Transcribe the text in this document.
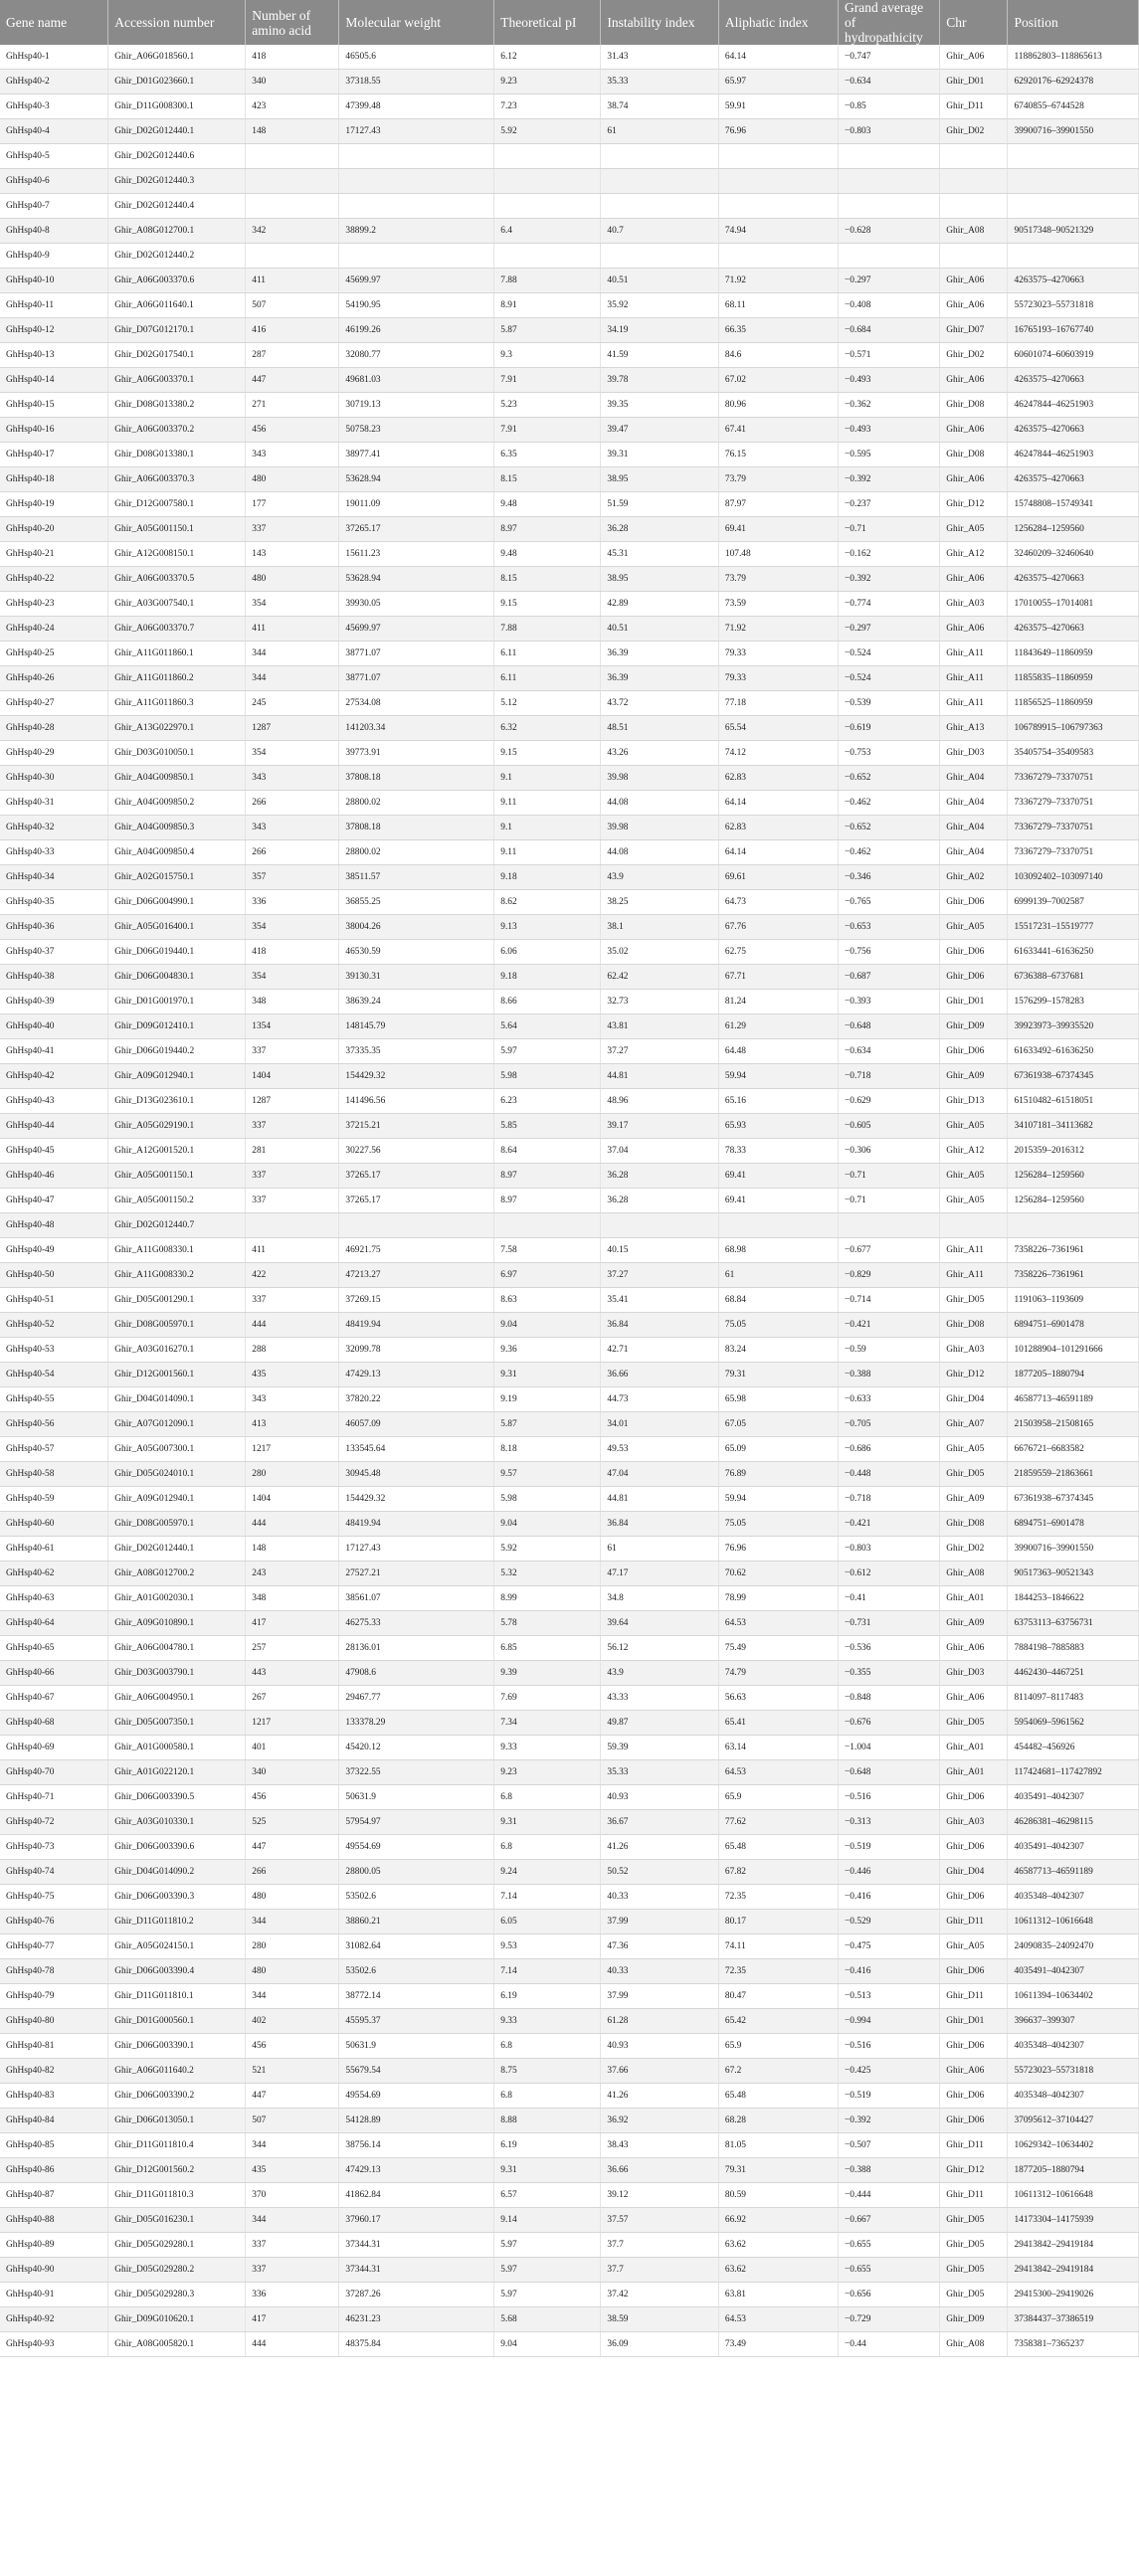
Gene name	Accession number	Number of amino acid	Molecular weight	Theoretical pI	Instability index	Aliphatic index	Grand average of hydropathicity	Chr	Position
GhHsp40-1	Ghir_A06G018560.1	418	46505.6	6.12	31.43	64.14	−0.747	Ghir_A06	118862803–118865613
GhHsp40-2	Ghir_D01G023660.1	340	37318.55	9.23	35.33	65.97	−0.634	Ghir_D01	62920176–62924378
GhHsp40-3	Ghir_D11G008300.1	423	47399.48	7.23	38.74	59.91	−0.85	Ghir_D11	6740855–6744528
GhHsp40-4	Ghir_D02G012440.1	148	17127.43	5.92	61	76.96	−0.803	Ghir_D02	39900716–39901550
GhHsp40-5	Ghir_D02G012440.6								
GhHsp40-6	Ghir_D02G012440.3								
GhHsp40-7	Ghir_D02G012440.4								
GhHsp40-8	Ghir_A08G012700.1	342	38899.2	6.4	40.7	74.94	−0.628	Ghir_A08	90517348–90521329
GhHsp40-9	Ghir_D02G012440.2								
GhHsp40-10	Ghir_A06G003370.6	411	45699.97	7.88	40.51	71.92	−0.297	Ghir_A06	4263575–4270663
GhHsp40-11	Ghir_A06G011640.1	507	54190.95	8.91	35.92	68.11	−0.408	Ghir_A06	55723023–55731818
GhHsp40-12	Ghir_D07G012170.1	416	46199.26	5.87	34.19	66.35	−0.684	Ghir_D07	16765193–16767740
GhHsp40-13	Ghir_D02G017540.1	287	32080.77	9.3	41.59	84.6	−0.571	Ghir_D02	60601074–60603919
GhHsp40-14	Ghir_A06G003370.1	447	49681.03	7.91	39.78	67.02	−0.493	Ghir_A06	4263575–4270663
GhHsp40-15	Ghir_D08G013380.2	271	30719.13	5.23	39.35	80.96	−0.362	Ghir_D08	46247844–46251903
GhHsp40-16	Ghir_A06G003370.2	456	50758.23	7.91	39.47	67.41	−0.493	Ghir_A06	4263575–4270663
GhHsp40-17	Ghir_D08G013380.1	343	38977.41	6.35	39.31	76.15	−0.595	Ghir_D08	46247844–46251903
GhHsp40-18	Ghir_A06G003370.3	480	53628.94	8.15	38.95	73.79	−0.392	Ghir_A06	4263575–4270663
GhHsp40-19	Ghir_D12G007580.1	177	19011.09	9.48	51.59	87.97	−0.237	Ghir_D12	15748808–15749341
GhHsp40-20	Ghir_A05G001150.1	337	37265.17	8.97	36.28	69.41	−0.71	Ghir_A05	1256284–1259560
GhHsp40-21	Ghir_A12G008150.1	143	15611.23	9.48	45.31	107.48	−0.162	Ghir_A12	32460209–32460640
GhHsp40-22	Ghir_A06G003370.5	480	53628.94	8.15	38.95	73.79	−0.392	Ghir_A06	4263575–4270663
GhHsp40-23	Ghir_A03G007540.1	354	39930.05	9.15	42.89	73.59	−0.774	Ghir_A03	17010055–17014081
GhHsp40-24	Ghir_A06G003370.7	411	45699.97	7.88	40.51	71.92	−0.297	Ghir_A06	4263575–4270663
GhHsp40-25	Ghir_A11G011860.1	344	38771.07	6.11	36.39	79.33	−0.524	Ghir_A11	11843649–11860959
GhHsp40-26	Ghir_A11G011860.2	344	38771.07	6.11	36.39	79.33	−0.524	Ghir_A11	11855835–11860959
GhHsp40-27	Ghir_A11G011860.3	245	27534.08	5.12	43.72	77.18	−0.539	Ghir_A11	11856525–11860959
GhHsp40-28	Ghir_A13G022970.1	1287	141203.34	6.32	48.51	65.54	−0.619	Ghir_A13	106789915–106797363
GhHsp40-29	Ghir_D03G010050.1	354	39773.91	9.15	43.26	74.12	−0.753	Ghir_D03	35405754–35409583
GhHsp40-30	Ghir_A04G009850.1	343	37808.18	9.1	39.98	62.83	−0.652	Ghir_A04	73367279–73370751
GhHsp40-31	Ghir_A04G009850.2	266	28800.02	9.11	44.08	64.14	−0.462	Ghir_A04	73367279–73370751
GhHsp40-32	Ghir_A04G009850.3	343	37808.18	9.1	39.98	62.83	−0.652	Ghir_A04	73367279–73370751
GhHsp40-33	Ghir_A04G009850.4	266	28800.02	9.11	44.08	64.14	−0.462	Ghir_A04	73367279–73370751
GhHsp40-34	Ghir_A02G015750.1	357	38511.57	9.18	43.9	69.61	−0.346	Ghir_A02	103092402–103097140
GhHsp40-35	Ghir_D06G004990.1	336	36855.25	8.62	38.25	64.73	−0.765	Ghir_D06	6999139–7002587
GhHsp40-36	Ghir_A05G016400.1	354	38004.26	9.13	38.1	67.76	−0.653	Ghir_A05	15517231–15519777
GhHsp40-37	Ghir_D06G019440.1	418	46530.59	6.06	35.02	62.75	−0.756	Ghir_D06	61633441–61636250
GhHsp40-38	Ghir_D06G004830.1	354	39130.31	9.18	62.42	67.71	−0.687	Ghir_D06	6736388–6737681
GhHsp40-39	Ghir_D01G001970.1	348	38639.24	8.66	32.73	81.24	−0.393	Ghir_D01	1576299–1578283
GhHsp40-40	Ghir_D09G012410.1	1354	148145.79	5.64	43.81	61.29	−0.648	Ghir_D09	39923973–39935520
GhHsp40-41	Ghir_D06G019440.2	337	37335.35	5.97	37.27	64.48	−0.634	Ghir_D06	61633492–61636250
GhHsp40-42	Ghir_A09G012940.1	1404	154429.32	5.98	44.81	59.94	−0.718	Ghir_A09	67361938–67374345
GhHsp40-43	Ghir_D13G023610.1	1287	141496.56	6.23	48.96	65.16	−0.629	Ghir_D13	61510482–61518051
GhHsp40-44	Ghir_A05G029190.1	337	37215.21	5.85	39.17	65.93	−0.605	Ghir_A05	34107181–34113682
GhHsp40-45	Ghir_A12G001520.1	281	30227.56	8.64	37.04	78.33	−0.306	Ghir_A12	2015359–2016312
GhHsp40-46	Ghir_A05G001150.1	337	37265.17	8.97	36.28	69.41	−0.71	Ghir_A05	1256284–1259560
GhHsp40-47	Ghir_A05G001150.2	337	37265.17	8.97	36.28	69.41	−0.71	Ghir_A05	1256284–1259560
GhHsp40-48	Ghir_D02G012440.7								
GhHsp40-49	Ghir_A11G008330.1	411	46921.75	7.58	40.15	68.98	−0.677	Ghir_A11	7358226–7361961
GhHsp40-50	Ghir_A11G008330.2	422	47213.27	6.97	37.27	61	−0.829	Ghir_A11	7358226–7361961
GhHsp40-51	Ghir_D05G001290.1	337	37269.15	8.63	35.41	68.84	−0.714	Ghir_D05	1191063–1193609
GhHsp40-52	Ghir_D08G005970.1	444	48419.94	9.04	36.84	75.05	−0.421	Ghir_D08	6894751–6901478
GhHsp40-53	Ghir_A03G016270.1	288	32099.78	9.36	42.71	83.24	−0.59	Ghir_A03	101288904–101291666
GhHsp40-54	Ghir_D12G001560.1	435	47429.13	9.31	36.66	79.31	−0.388	Ghir_D12	1877205–1880794
GhHsp40-55	Ghir_D04G014090.1	343	37820.22	9.19	44.73	65.98	−0.633	Ghir_D04	46587713–46591189
GhHsp40-56	Ghir_A07G012090.1	413	46057.09	5.87	34.01	67.05	−0.705	Ghir_A07	21503958–21508165
GhHsp40-57	Ghir_A05G007300.1	1217	133545.64	8.18	49.53	65.09	−0.686	Ghir_A05	6676721–6683582
GhHsp40-58	Ghir_D05G024010.1	280	30945.48	9.57	47.04	76.89	−0.448	Ghir_D05	21859559–21863661
GhHsp40-59	Ghir_A09G012940.1	1404	154429.32	5.98	44.81	59.94	−0.718	Ghir_A09	67361938–67374345
GhHsp40-60	Ghir_D08G005970.1	444	48419.94	9.04	36.84	75.05	−0.421	Ghir_D08	6894751–6901478
GhHsp40-61	Ghir_D02G012440.1	148	17127.43	5.92	61	76.96	−0.803	Ghir_D02	39900716–39901550
GhHsp40-62	Ghir_A08G012700.2	243	27527.21	5.32	47.17	70.62	−0.612	Ghir_A08	90517363–90521343
GhHsp40-63	Ghir_A01G002030.1	348	38561.07	8.99	34.8	78.99	−0.41	Ghir_A01	1844253–1846622
GhHsp40-64	Ghir_A09G010890.1	417	46275.33	5.78	39.64	64.53	−0.731	Ghir_A09	63753113–63756731
GhHsp40-65	Ghir_A06G004780.1	257	28136.01	6.85	56.12	75.49	−0.536	Ghir_A06	7884198–7885883
GhHsp40-66	Ghir_D03G003790.1	443	47908.6	9.39	43.9	74.79	−0.355	Ghir_D03	4462430–4467251
GhHsp40-67	Ghir_A06G004950.1	267	29467.77	7.69	43.33	56.63	−0.848	Ghir_A06	8114097–8117483
GhHsp40-68	Ghir_D05G007350.1	1217	133378.29	7.34	49.87	65.41	−0.676	Ghir_D05	5954069–5961562
GhHsp40-69	Ghir_A01G000580.1	401	45420.12	9.33	59.39	63.14	−1.004	Ghir_A01	454482–456926
GhHsp40-70	Ghir_A01G022120.1	340	37322.55	9.23	35.33	64.53	−0.648	Ghir_A01	117424681–117427892
GhHsp40-71	Ghir_D06G003390.5	456	50631.9	6.8	40.93	65.9	−0.516	Ghir_D06	4035491–4042307
GhHsp40-72	Ghir_A03G010330.1	525	57954.97	9.31	36.67	77.62	−0.313	Ghir_A03	46286381–46298115
GhHsp40-73	Ghir_D06G003390.6	447	49554.69	6.8	41.26	65.48	−0.519	Ghir_D06	4035491–4042307
GhHsp40-74	Ghir_D04G014090.2	266	28800.05	9.24	50.52	67.82	−0.446	Ghir_D04	46587713–46591189
GhHsp40-75	Ghir_D06G003390.3	480	53502.6	7.14	40.33	72.35	−0.416	Ghir_D06	4035348–4042307
GhHsp40-76	Ghir_D11G011810.2	344	38860.21	6.05	37.99	80.17	−0.529	Ghir_D11	10611312–10616648
GhHsp40-77	Ghir_A05G024150.1	280	31082.64	9.53	47.36	74.11	−0.475	Ghir_A05	24090835–24092470
GhHsp40-78	Ghir_D06G003390.4	480	53502.6	7.14	40.33	72.35	−0.416	Ghir_D06	4035491–4042307
GhHsp40-79	Ghir_D11G011810.1	344	38772.14	6.19	37.99	80.47	−0.513	Ghir_D11	10611394–10634402
GhHsp40-80	Ghir_D01G000560.1	402	45595.37	9.33	61.28	65.42	−0.994	Ghir_D01	396637–399307
GhHsp40-81	Ghir_D06G003390.1	456	50631.9	6.8	40.93	65.9	−0.516	Ghir_D06	4035348–4042307
GhHsp40-82	Ghir_A06G011640.2	521	55679.54	8.75	37.66	67.2	−0.425	Ghir_A06	55723023–55731818
GhHsp40-83	Ghir_D06G003390.2	447	49554.69	6.8	41.26	65.48	−0.519	Ghir_D06	4035348–4042307
GhHsp40-84	Ghir_D06G013050.1	507	54128.89	8.88	36.92	68.28	−0.392	Ghir_D06	37095612–37104427
GhHsp40-85	Ghir_D11G011810.4	344	38756.14	6.19	38.43	81.05	−0.507	Ghir_D11	10629342–10634402
GhHsp40-86	Ghir_D12G001560.2	435	47429.13	9.31	36.66	79.31	−0.388	Ghir_D12	1877205–1880794
GhHsp40-87	Ghir_D11G011810.3	370	41862.84	6.57	39.12	80.59	−0.444	Ghir_D11	10611312–10616648
GhHsp40-88	Ghir_D05G016230.1	344	37960.17	9.14	37.57	66.92	−0.667	Ghir_D05	14173304–14175939
GhHsp40-89	Ghir_D05G029280.1	337	37344.31	5.97	37.7	63.62	−0.655	Ghir_D05	29413842–29419184
GhHsp40-90	Ghir_D05G029280.2	337	37344.31	5.97	37.7	63.62	−0.655	Ghir_D05	29413842–29419184
GhHsp40-91	Ghir_D05G029280.3	336	37287.26	5.97	37.42	63.81	−0.656	Ghir_D05	29415300–29419026
GhHsp40-92	Ghir_D09G010620.1	417	46231.23	5.68	38.59	64.53	−0.729	Ghir_D09	37384437–37386519
GhHsp40-93	Ghir_A08G005820.1	444	48375.84	9.04	36.09	73.49	−0.44	Ghir_A08	7358381–7365237
